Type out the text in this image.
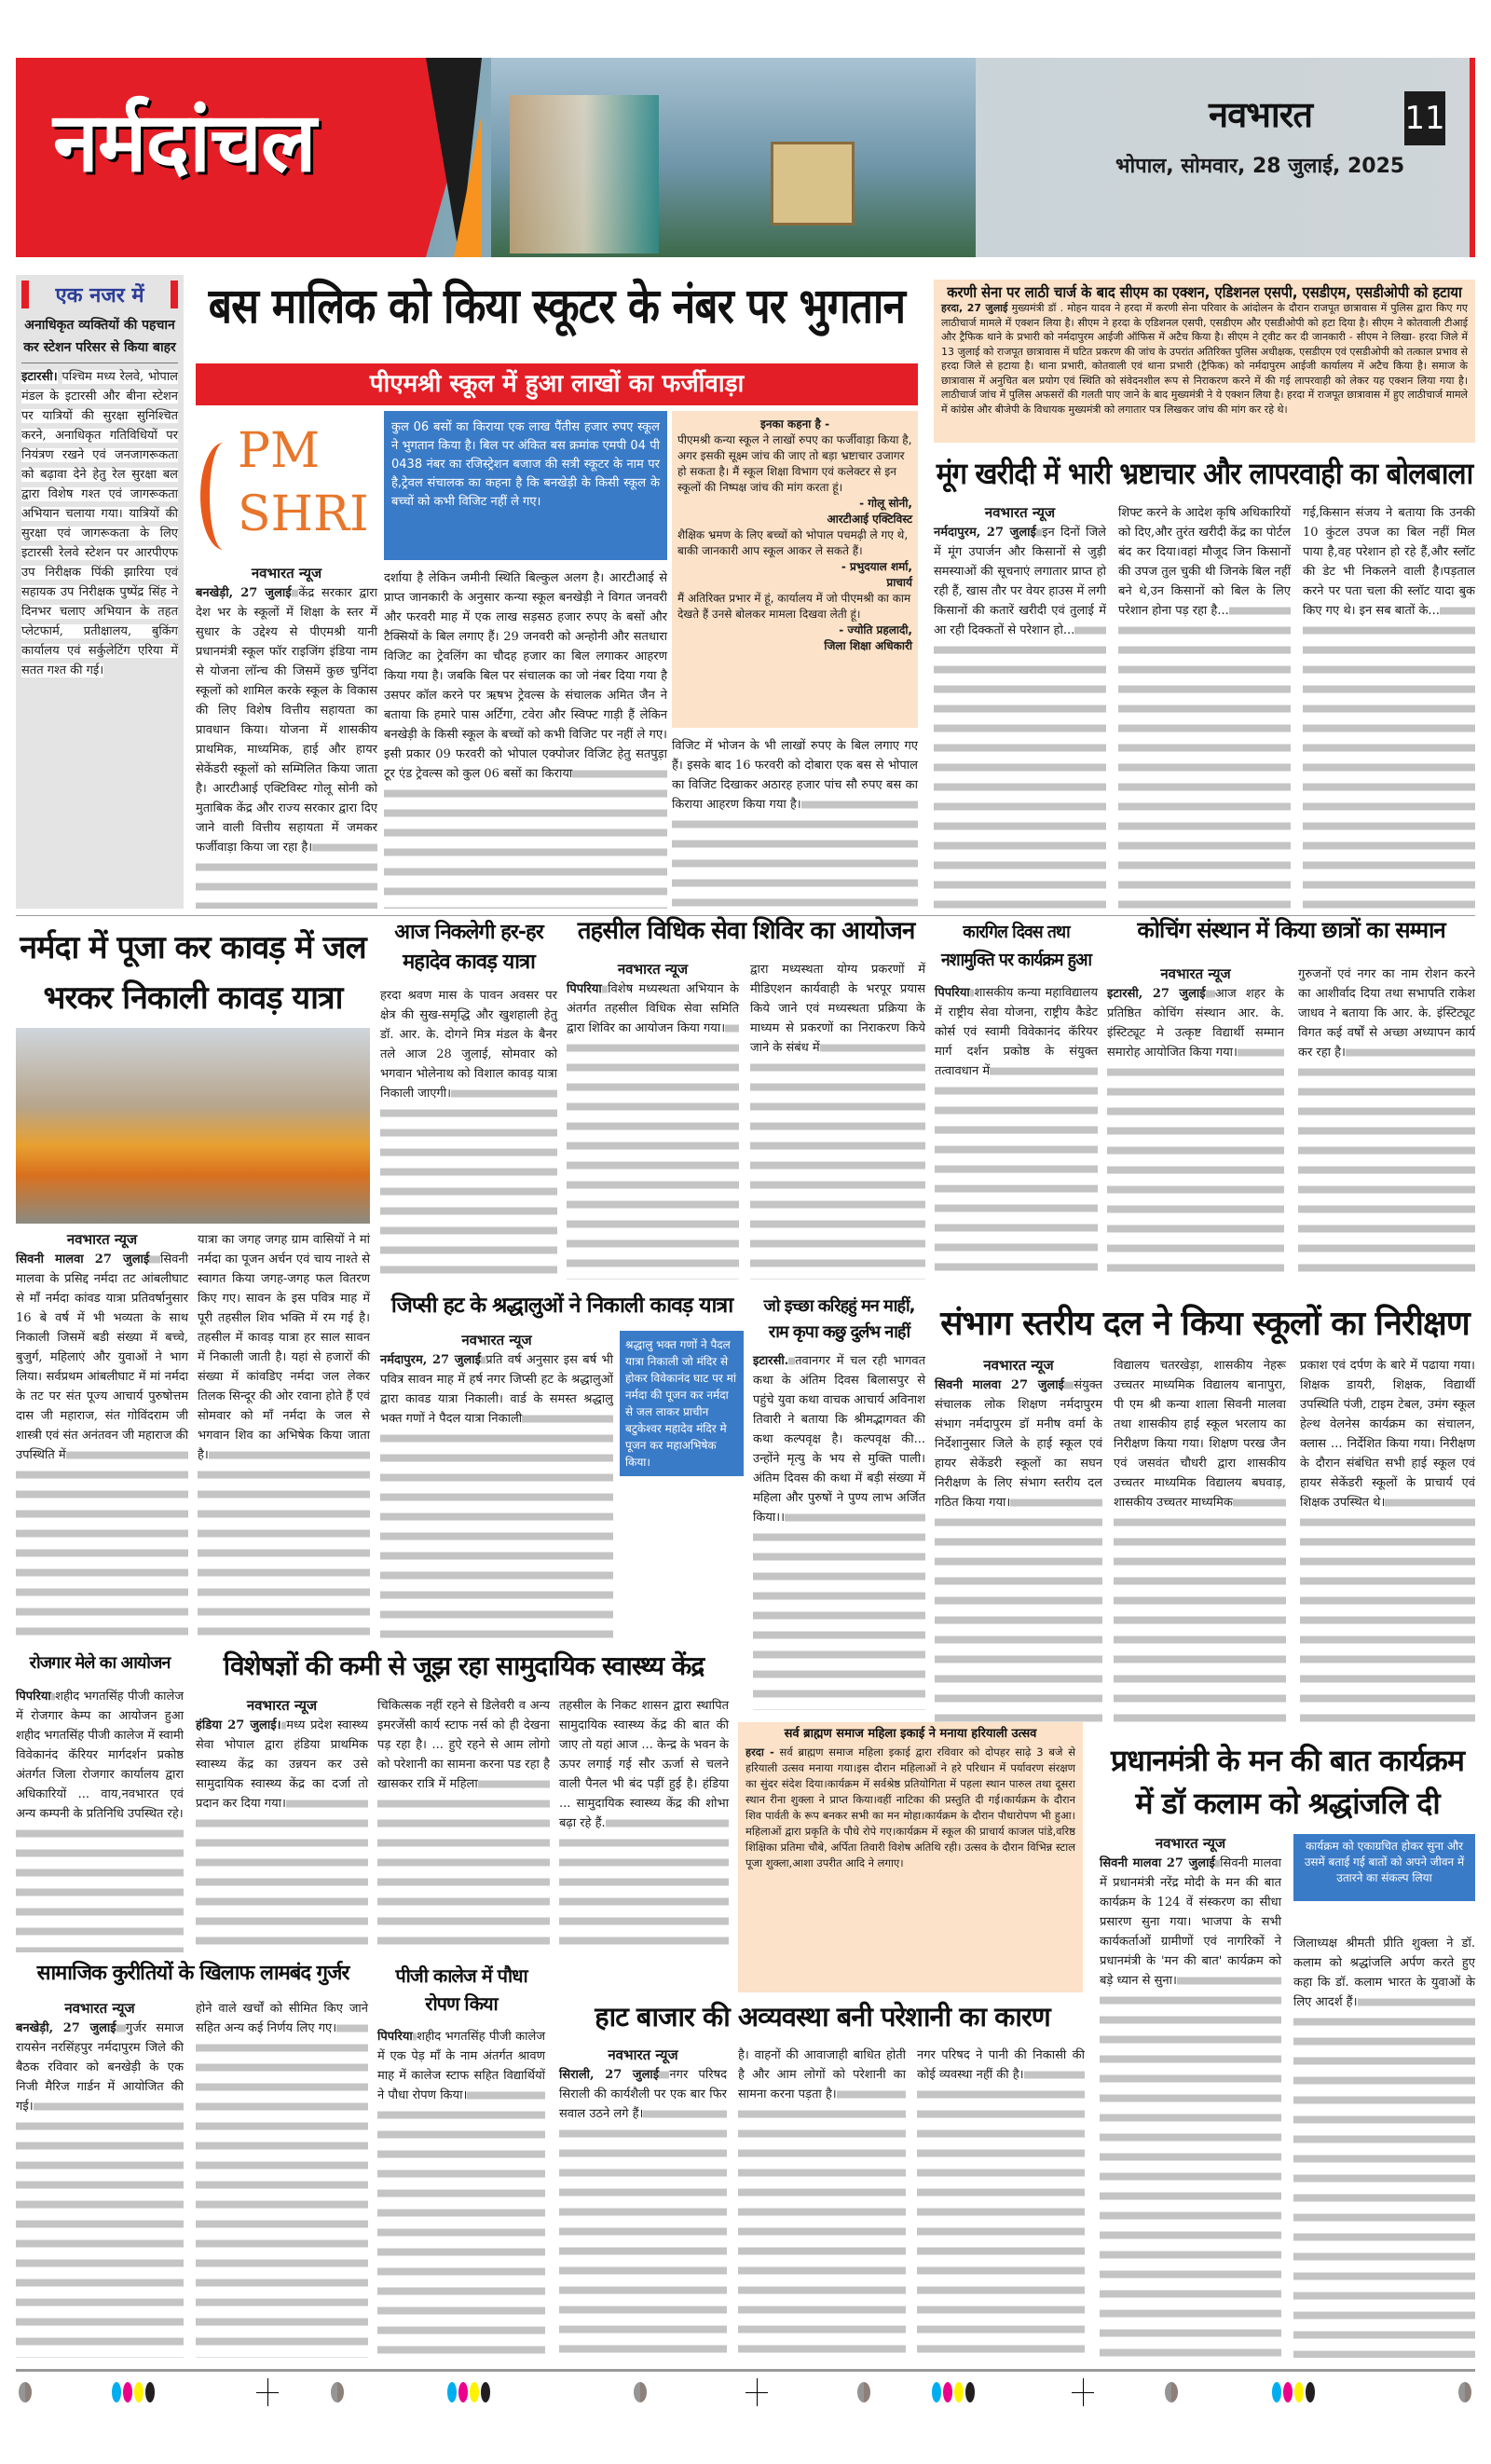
नर्मदांचल	नवभारत	11
भोपाल, सोमवार, 28 जुलाई, 2025
एक नजर में
अनाधिकृत व्यक्तियों की पहचान कर स्टेशन परिसर से किया बाहर
इटारसी। पश्चिम मध्य रेलवे, भोपाल मंडल के इटारसी और बीना स्टेशन पर यात्रियों की सुरक्षा सुनिश्चित करने, अनाधिकृत गतिविधियों पर नियंत्रण रखने एवं जनजागरूकता को बढ़ावा देने हेतु रेल सुरक्षा बल द्वारा विशेष गश्त एवं जागरूकता अभियान चलाया गया। यात्रियों की सुरक्षा एवं जागरूकता के लिए इटारसी रेलवे स्टेशन पर आरपीएफ उप निरीक्षक पिंकी झारिया एवं सहायक उप निरीक्षक पुष्पेंद्र सिंह ने दिनभर चलाए अभियान के तहत प्लेटफार्म, प्रतीक्षालय, बुकिंग कार्यालय एवं सर्कुलेटिंग एरिया में सतत गश्त की गई।
बस मालिक को किया स्कूटर के नंबर पर भुगतान
पीएमश्री स्कूल में हुआ लाखों का फर्जीवाड़ा
PM SHRI
कुल 06 बसों का किराया एक लाख पैंतीस हजार रुपए स्कूल ने भुगतान किया है। बिल पर अंकित बस क्रमांक एमपी 04 पी 0438 नंबर का रजिस्ट्रेशन बजाज की सत्री स्कूटर के नाम पर है,ट्रेवल संचालक का कहना है कि बनखेड़ी के किसी स्कूल के बच्चों को कभी विजिट नहीं ले गए।
इनका कहना है -
पीएमश्री कन्या स्कूल ने लाखों रुपए का फर्जीवाड़ा किया है, अगर इसकी सूक्ष्म जांच की जाए तो बड़ा भ्रष्टाचार उजागर हो सकता है। मैं स्कूल शिक्षा विभाग एवं कलेक्टर से इन स्कूलों की निष्पक्ष जांच की मांग करता हूं।
- गोलू सोनी,
आरटीआई एक्टिविस्ट
शैक्षिक भ्रमण के लिए बच्चों को भोपाल पचमढ़ी ले गए थे, बाकी जानकारी आप स्कूल आकर ले सकते हैं।
- प्रभुदयाल शर्मा,
प्राचार्य
मैं अतिरिक्त प्रभार में हूं, कार्यालय में जो पीएमश्री का काम देखते हैं उनसे बोलकर मामला दिखवा लेती हूं।
- ज्योति प्रहलादी,
जिला शिक्षा अधिकारी
नवभारत न्यूज
बनखेड़ी, 27 जुलाई केंद्र सरकार द्वारा देश भर के स्कूलों में शिक्षा के स्तर में सुधार के उद्देश्य से पीएमश्री यानी प्रधानमंत्री स्कूल फॉर राइजिंग इंडिया नाम से योजना लॉन्च की जिसमें कुछ चुनिंदा स्कूलों को शामिल करके स्कूल के विकास की लिए विशेष वित्तीय सहायता का प्रावधान किया। योजना में शासकीय प्राथमिक, माध्यमिक, हाई और हायर सेकेंडरी स्कूलों को सम्मिलित किया जाता है। आरटीआई एक्टिविस्ट गोलू सोनी को मुताबिक केंद्र और राज्य सरकार द्वारा दिए जाने वाली वित्तीय सहायता में जमकर फर्जीवाड़ा किया जा रहा है।
दर्शाया है लेकिन जमीनी स्थिति बिल्कुल अलग है। आरटीआई से प्राप्त जानकारी के अनुसार कन्या स्कूल बनखेड़ी ने विगत जनवरी और फरवरी माह में एक लाख सड़सठ हजार रुपए के बसों और टैक्सियों के बिल लगाए हैं। 29 जनवरी को अन्होनी और सतधारा विजिट का ट्रेवलिंग का चौदह हजार का बिल लगाकर आहरण किया गया है। जबकि बिल पर संचालक का जो नंबर दिया गया है उसपर कॉल करने पर ऋषभ ट्रेवल्स के संचालक अमित जैन ने बताया कि हमारे पास अर्टिगा, टवेरा और स्विफ्ट गाड़ी हैं लेकिन बनखेड़ी के किसी स्कूल के बच्चों को कभी विजिट पर नहीं ले गए। इसी प्रकार 09 फरवरी को भोपाल एक्पोजर विजिट हेतु सतपुड़ा टूर एंड ट्रेवल्स को कुल 06 बसों का किराया
विजिट में भोजन के भी लाखों रुपए के बिल लगाए गए हैं। इसके बाद 16 फरवरी को दोबारा एक बस से भोपाल का विजिट दिखाकर अठारह हजार पांच सौ रुपए बस का किराया आहरण किया गया है।
करणी सेना पर लाठी चार्ज के बाद सीएम का एक्शन, एडिशनल एसपी, एसडीएम, एसडीओपी को हटाया
हरदा, 27 जुलाई मुख्यमंत्री डॉ . मोहन यादव ने हरदा में करणी सेना परिवार के आंदोलन के दौरान राजपूत छात्रावास में पुलिस द्वारा किए गए लाठीचार्ज मामले में एक्शन लिया है। सीएम ने हरदा के एडिशनल एसपी, एसडीएम और एसडीओपी को हटा दिया है। सीएम ने कोतवाली टीआई और ट्रैफिक थाने के प्रभारी को नर्मदापुरम आईजी ऑफिस में अटैच किया है। सीएम ने ट्वीट कर दी जानकारी - सीएम ने लिखा- हरदा जिले में 13 जुलाई को राजपूत छात्रावास में घटित प्रकरण की जांच के उपरांत अतिरिक्त पुलिस अधीक्षक, एसडीएम एवं एसडीओपी को तत्काल प्रभाव से हरदा जिले से हटाया है। थाना प्रभारी, कोतवाली एवं थाना प्रभारी (ट्रैफिक) को नर्मदापुरम आईजी कार्यालय में अटैच किया है। समाज के छात्रावास में अनुचित बल प्रयोग एवं स्थिति को संवेदनशील रूप से निराकरण करने में की गई लापरवाही को लेकर यह एक्शन लिया गया है। लाठीचार्ज जांच में पुलिस अफसरों की गलती पाए जाने के बाद मुख्यमंत्री ने ये एक्शन लिया है। हरदा में राजपूत छात्रावास में हुए लाठीचार्ज मामले में कांग्रेस और बीजेपी के विधायक मुख्यमंत्री को लगातार पत्र लिखकर जांच की मांग कर रहे थे।
मूंग खरीदी में भारी भ्रष्टाचार और लापरवाही का बोलबाला
नवभारत न्यूज
नर्मदापुरम, 27 जुलाई इन दिनों जिले में मूंग उपार्जन और किसानों से जुड़ी समस्याओं की सूचनाएं लगातार प्राप्त हो रही हैं, खास तौर पर वेयर हाउस में लगी किसानों की कतारें खरीदी एवं तुलाई में आ रही दिक्कतों से परेशान हो...
शिफ्ट करने के आदेश कृषि अधिकारियों को दिए,और तुरंत खरीदी केंद्र का पोर्टल बंद कर दिया।वहां मौजूद जिन किसानों की उपज तुल चुकी थी जिनके बिल नहीं बने थे,उन किसानों को बिल के लिए परेशान होना पड़ रहा है...
गई,किसान संजय ने बताया कि उनकी 10 कुंटल उपज का बिल नहीं मिल पाया है,वह परेशान हो रहे हैं,और स्लॉट की डेट भी निकलने वाली है।पड़ताल करने पर पता चला की स्लॉट यादा बुक किए गए थे। इन सब बातों के...
नर्मदा में पूजा कर कावड़ में जल भरकर निकाली कावड़ यात्रा
नवभारत न्यूज
सिवनी मालवा 27 जुलाई सिवनी मालवा के प्रसिद्द नर्मदा तट आंबलीघाट से माँ नर्मदा कांवड यात्रा प्रतिवर्षानुसार 16 बे वर्ष में भी भव्यता के साथ निकाली जिसमें बडी संख्या में बच्चे, बुजुर्ग, महिलाएं और युवाओं ने भाग लिया। सर्वप्रथम आंबलीघाट में मां नर्मदा के तट पर संत पूज्य आचार्य पुरुषोत्तम दास जी महाराज, संत गोविंदराम जी शास्त्री एवं संत अनंतवन जी महाराज की उपस्थिति में
यात्रा का जगह जगह ग्राम वासियों ने मां नर्मदा का पूजन अर्चन एवं चाय नाश्ते से स्वागत किया जगह-जगह फल वितरण किए गए। सावन के इस पवित्र माह में पूरी तहसील शिव भक्ति में रम गई है। तहसील में कावड़ यात्रा हर साल सावन में निकाली जाती है। यहां से हजारों की संख्या में कांवडिए नर्मदा जल लेकर तिलक सिन्दूर की ओर रवाना होते हैं एवं सोमवार को माँ नर्मदा के जल से भगवान शिव का अभिषेक किया जाता है।
आज निकलेगी हर-हर महादेव कावड़ यात्रा
हरदा श्रवण मास के पावन अवसर पर क्षेत्र की सुख-समृद्धि और खुशहाली हेतु डॉ. आर. के. दोगने मित्र मंडल के बैनर तले आज 28 जुलाई, सोमवार को भगवान भोलेनाथ को विशाल कावड़ यात्रा निकाली जाएगी।
तहसील विधिक सेवा शिविर का आयोजन
नवभारत न्यूज
पिपरिया विशेष मध्यस्थता अभियान के अंतर्गत तहसील विधिक सेवा समिति द्वारा शिविर का आयोजन किया गया।
द्वारा मध्यस्थता योग्य प्रकरणों में मीडिएशन कार्यवाही के भरपूर प्रयास किये जाने एवं मध्यस्थता प्रक्रिया के माध्यम से प्रकरणों का निराकरण किये जाने के संबंध में
कारगिल दिवस तथा नशामुक्ति पर कार्यक्रम हुआ
पिपरिया शासकीय कन्या महाविद्यालय में राष्ट्रीय सेवा योजना, राष्ट्रीय कैडेट कोर्स एवं स्वामी विवेकानंद कॅरियर मार्ग दर्शन प्रकोष्ठ के संयुक्त तत्वावधान में
कोचिंग संस्थान में किया छात्रों का सम्मान
नवभारत न्यूज
इटारसी, 27 जुलाई आज शहर के प्रतिष्ठित कोचिंग संस्थान आर. के. इंस्टिट्यूट मे उत्कृष्ट विद्यार्थी सम्मान समारोह आयोजित किया गया।
गुरुजनों एवं नगर का नाम रोशन करने का आशीर्वाद दिया तथा सभापति राकेश जाधव ने बताया कि आर. के. इंस्टिट्यूट विगत कई वर्षों से अच्छा अध्यापन कार्य कर रहा है।
जिप्सी हट के श्रद्धालुओं ने निकाली कावड़ यात्रा
नवभारत न्यूज
नर्मदापुरम, 27 जुलाई प्रति वर्ष अनुसार इस बर्ष भी पवित्र सावन माह में हर्ष नगर जिप्सी हट के श्रद्धालुओं द्वारा कावड यात्रा निकाली। वार्ड के समस्त श्रद्धालु भक्त गणों ने पैदल यात्रा निकाली
श्रद्धालु भक्त गणों ने पैदल यात्रा निकाली जो मंदिर से होकर विवेकानंद घाट पर मां नर्मदा की पूजन कर नर्मदा से जल लाकर प्राचीन बटुकेश्वर महादेव मंदिर मे पूजन कर महाअभिषेक किया।
जो इच्छा करिहहुं मन माहीं, राम कृपा कछु दुर्लभ नाहीं
इटारसी. तवानगर में चल रही भागवत कथा के अंतिम दिवस बिलासपुर से पहुंचे युवा कथा वाचक आचार्य अविनाश तिवारी ने बताया कि श्रीमद्भागवत की कथा कल्पवृक्ष है। कल्पवृक्ष की... उन्होंने मृत्यु के भय से मुक्ति पाली। अंतिम दिवस की कथा में बड़ी संख्या में महिला और पुरुषों ने पुण्य लाभ अर्जित किया।।
संभाग स्तरीय दल ने किया स्कूलों का निरीक्षण
नवभारत न्यूज
सिवनी मालवा 27 जुलाई संयुक्त संचालक लोक शिक्षण नर्मदापुरम संभाग नर्मदापुरम डॉ मनीष वर्मा के निर्देशानुसार जिले के हाई स्कूल एवं हायर सेकेंडरी स्कूलों का सघन निरीक्षण के लिए संभाग स्तरीय दल गठित किया गया।
विद्यालय चतरखेड़ा, शासकीय नेहरू उच्चतर माध्यमिक विद्यालय बानापुरा, पी एम श्री कन्या शाला सिवनी मालवा तथा शासकीय हाई स्कूल भरलाय का निरीक्षण किया गया। शिक्षण परख जैन एवं जसवंत चौधरी द्वारा शासकीय उच्चतर माध्यमिक विद्यालय बघवाड़, शासकीय उच्चतर माध्यमिक
प्रकाश एवं दर्पण के बारे में पढाया गया। शिक्षक डायरी, शिक्षक, विद्यार्थी उपस्थिति पंजी, टाइम टेबल, उमंग स्कूल हेल्थ वेलनेस कार्यक्रम का संचालन, क्लास ... निर्देशित किया गया। निरीक्षण के दौरान संबंधित सभी हाई स्कूल एवं हायर सेकेंडरी स्कूलों के प्राचार्य एवं शिक्षक उपस्थित थे।
रोजगार मेले का आयोजन
पिपरिया शहीद भगतसिंह पीजी कालेज में रोजगार केम्प का आयोजन हुआ शहीद भगतसिंह पीजी कालेज में स्वामी विवेकानंद कॅरियर मार्गदर्शन प्रकोष्ठ अंतर्गत जिला रोजगार कार्यालय द्वारा अधिकारियों ... वाय,नवभारत एवं अन्य कम्पनी के प्रतिनिधि उपस्थित रहे।
विशेषज्ञों की कमी से जूझ रहा सामुदायिक स्वास्थ्य केंद्र
नवभारत न्यूज
हंडिया 27 जुलाई। मध्य प्रदेश स्वास्थ्य सेवा भोपाल द्वारा हंडिया प्राथमिक स्वास्थ्य केंद्र का उन्नयन कर उसे सामुदायिक स्वास्थ्य केंद्र का दर्जा तो प्रदान कर दिया गया।
चिकित्सक नहीं रहने से डिलेवरी व अन्य इमरजेंसी कार्य स्टाफ नर्स को ही देखना पड़ रहा है। ... हुऐ रहने से आम लोगो को परेशानी का सामना करना पड रहा है खासकर रात्रि में महिला
तहसील के निकट शासन द्वारा स्थापित सामुदायिक स्वास्थ्य केंद्र की बात की जाए तो यहां आज ... केन्द्र के भवन के ऊपर लगाई गई सौर ऊर्जा से चलने वाली पैनल भी बंद पड़ीं हुई है। हंडिया ... सामुदायिक स्वास्थ्य केंद्र की शोभा बढ़ा रहे हैं.
सर्व ब्राह्मण समाज महिला इकाई ने मनाया हरियाली उत्सव
हरदा - सर्व ब्राह्मण समाज महिला इकाई द्वारा रविवार को दोपहर साढ़े 3 बजे से हरियाली उत्सव मनाया गया।इस दौरान महिलाओं ने हरे परिधान में पर्यावरण संरक्षण का सुंदर संदेश दिया।कार्यक्रम में सर्वश्रेष्ठ प्रतियोगिता में पहला स्थान पारुल तथा दूसरा स्थान रीना शुक्ला ने प्राप्त किया।वहीं नाटिका की प्रस्तुति दी गई।कार्यक्रम के दौरान शिव पार्वती के रूप बनकर सभी का मन मोहा।कार्यक्रम के दौरान पौधारोपण भी हुआ।महिलाओं द्वारा प्रकृति के पौधे रोपे गए।कार्यक्रम में स्कूल की प्राचार्य काजल पांडे,वरिष्ठ शिक्षिका प्रतिमा चौबे, अर्पिता तिवारी विशेष अतिथि रही। उत्सव के दौरान विभिन्न स्टाल पूजा शुक्ला,आशा उपरीत आदि ने लगाए।
प्रधानमंत्री के मन की बात कार्यक्रम में डॉ कलाम को श्रद्धांजलि दी
नवभारत न्यूज
सिवनी मालवा 27 जुलाई सिवनी मालवा में प्रधानमंत्री नरेंद्र मोदी के मन की बात कार्यक्रम के 124 वें संस्करण का सीधा प्रसारण सुना गया। भाजपा के सभी कार्यकर्ताओं ग्रामीणों एवं नागरिकों ने प्रधानमंत्री के 'मन की बात' कार्यक्रम को बड़े ध्यान से सुना।
कार्यक्रम को एकाग्रचित होकर सुना और उसमें बताई गई बातों को अपने जीवन में उतारने का संकल्प लिया
जिलाध्यक्ष श्रीमती प्रीति शुक्ला ने डॉ. कलाम को श्रद्धांजलि अर्पण करते हुए कहा कि डॉ. कलाम भारत के युवाओं के लिए आदर्श हैं।
सामाजिक कुरीतियों के खिलाफ लामबंद गुर्जर
नवभारत न्यूज
बनखेड़ी, 27 जुलाई गुर्जर समाज रायसेन नरसिंहपुर नर्मदापुरम जिले की बैठक रविवार को बनखेड़ी के एक निजी मैरिज गार्डन में आयोजित की गई।
होने वाले खर्चों को सीमित किए जाने सहित अन्य कई निर्णय लिए गए।
पीजी कालेज में पौधा रोपण किया
पिपरिया शहीद भगतसिंह पीजी कालेज में एक पेड़ माँ के नाम अंतर्गत श्रावण माह में कालेज स्टाफ सहित विद्यार्थियों ने पौधा रोपण किया।
हाट बाजार की अव्यवस्था बनी परेशानी का कारण
नवभारत न्यूज
सिराली, 27 जुलाई नगर परिषद सिराली की कार्यशैली पर एक बार फिर सवाल उठने लगे हैं।
है। वाहनों की आवाजाही बाधित होती है और आम लोगों को परेशानी का सामना करना पड़ता है।
नगर परिषद ने पानी की निकासी की कोई व्यवस्था नहीं की है।
